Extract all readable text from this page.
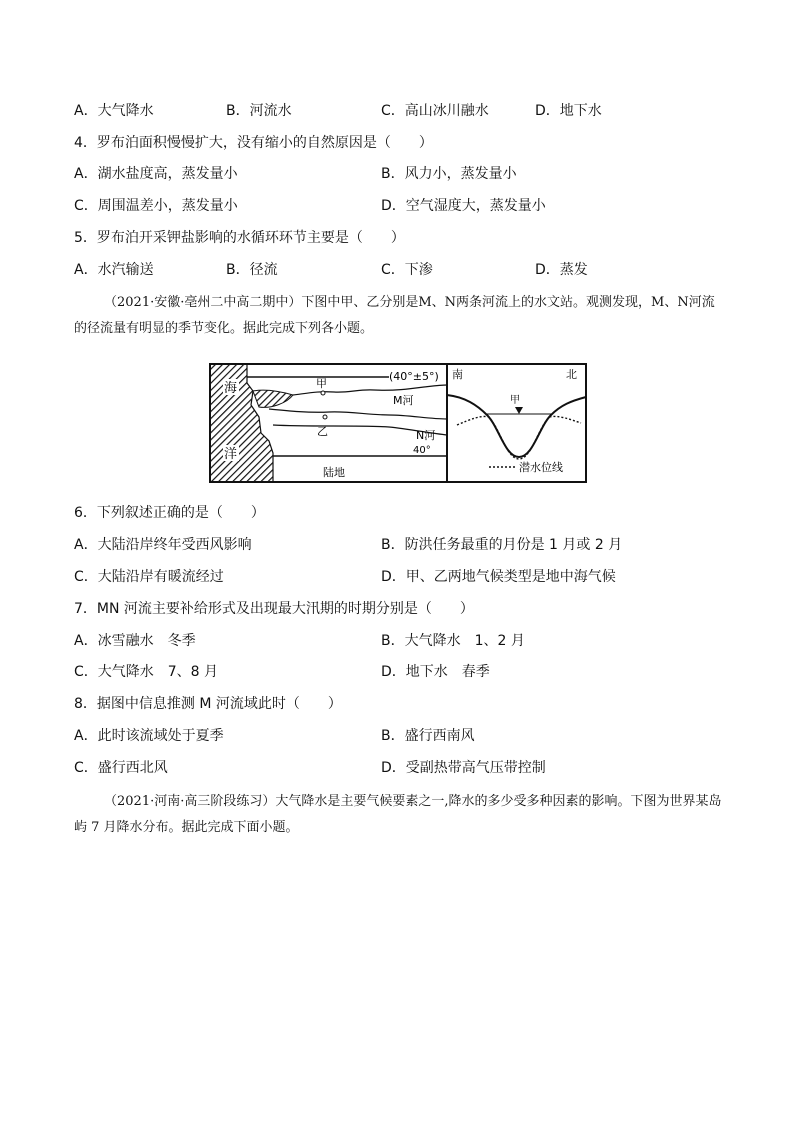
A．大气降水	B．河流水	C．高山冰川融水	D．地下水
4．罗布泊面积慢慢扩大，没有缩小的自然原因是（　　）
A．湖水盐度高，蒸发量小	B．风力小，蒸发量小
C．周围温差小，蒸发量小	D．空气湿度大，蒸发量小
5．罗布泊开采钾盐影响的水循环环节主要是（　　）
A．水汽输送	B．径流	C．下渗	D．蒸发
（2021·安徽·亳州二中高二期中）下图中甲、乙分别是M、N两条河流上的水文站。观测发现，M、N河流的径流量有明显的季节变化。据此完成下列各小题。
海
洋
(40°±5°)
甲
M河
乙	N河
40°
陆地
南	北
甲
潜水位线
6．下列叙述正确的是（　　）
A．大陆沿岸终年受西风影响	B．防洪任务最重的月份是 1 月或 2 月
C．大陆沿岸有暖流经过	D．甲、乙两地气候类型是地中海气候
7．MN 河流主要补给形式及出现最大汛期的时期分别是（　　）
A．冰雪融水　冬季	B．大气降水　1、2 月
C．大气降水　7、8 月	D．地下水　春季
8．据图中信息推测 M 河流域此时（　　）
A．此时该流域处于夏季	B．盛行西南风
C．盛行西北风	D．受副热带高气压带控制
（2021·河南·高三阶段练习）大气降水是主要气候要素之一,降水的多少受多种因素的影响。下图为世界某岛屿 7 月降水分布。据此完成下面小题。
